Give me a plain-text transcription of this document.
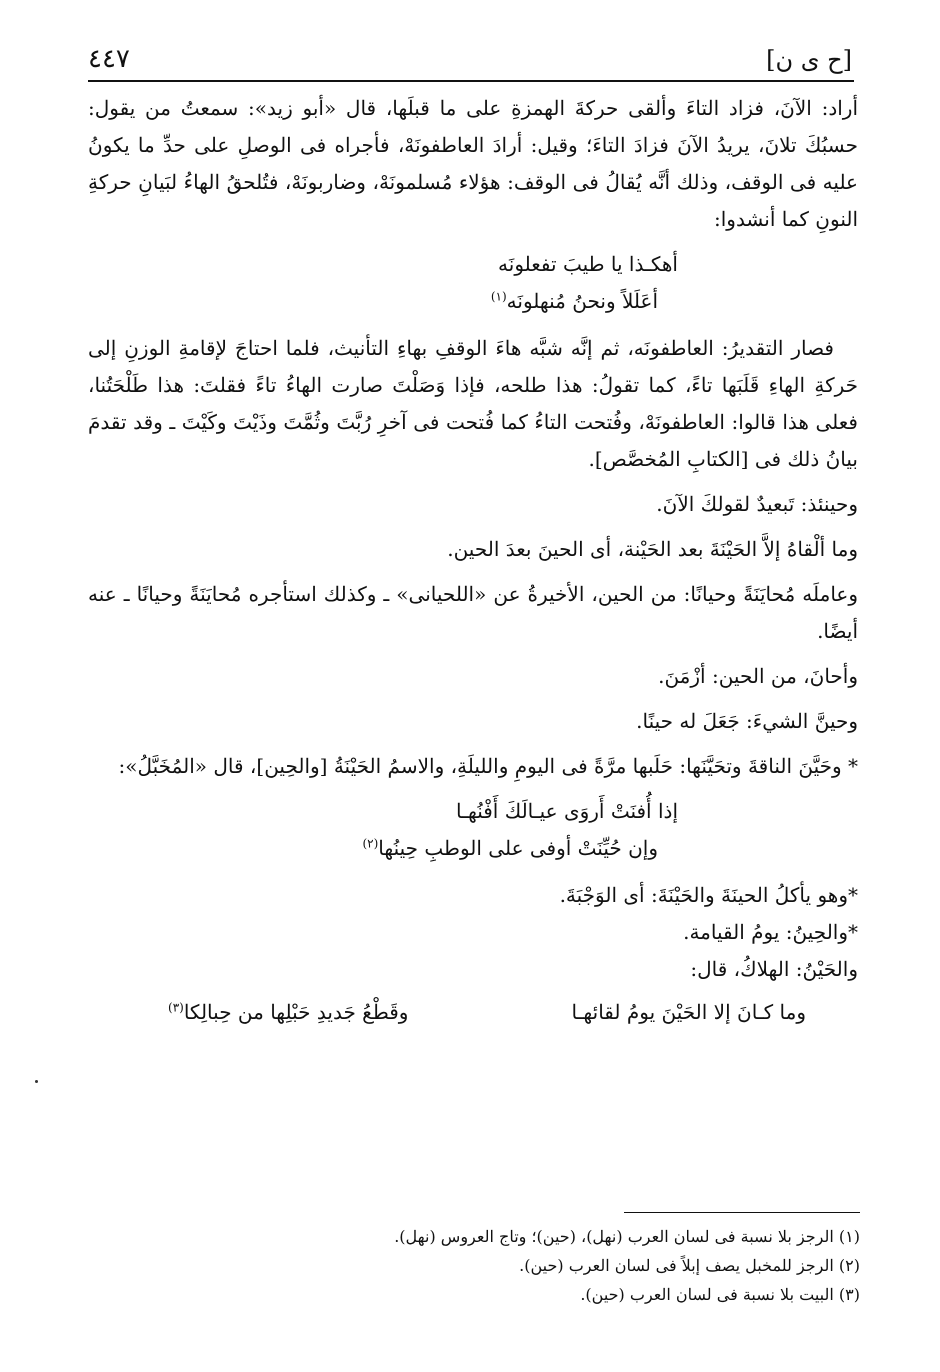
٤٤٧	[ح ى ن]

أراد: الآنَ، فزاد التاءَ وألقى حركةَ الهمزةِ على ما قبلَها، قال «أبو زيد»: سمعتُ من يقول: حسبُكَ تلانَ، يريدُ الآنَ فزادَ التاءَ؛ وقيل: أرادَ العاطفونَهْ، فأجراه فى الوصلِ على حدِّ ما يكونُ عليه فى الوقف، وذلك أنَّه يُقالُ فى الوقف: هؤلاء مُسلمونَهْ، وضاربونَهْ، فتُلحقُ الهاءُ لبَيانِ حركةِ النونِ كما أنشدوا:

أهكـذا يا طيبَ تفعلونَه

أعَلَلاً ونحنُ مُنهلونَه$^{(١)}$

فصار التقديرُ: العاطفونَه، ثم إنَّه شبَّه هاءَ الوقفِ بهاءِ التأنيث، فلما احتاجَ لإقامةِ الوزنِ إلى حَركةِ الهاءِ قَلَبَها تاءً، كما تقولُ: هذا طلحه، فإذا وَصَلْتَ صارت الهاءُ تاءً فقلتَ: هذا طَلْحَتُنا، فعلى هذا قالوا: العاطفونَهْ، وفُتحت التاءُ كما فُتحت فى آخرِ رُبَّتَ وثُمَّتَ وذَيْتَ وكَيْتَ ـ وقد تقدمَ بيانُ ذلك فى [الكتابِ المُخصَّص].

وحينئذ: تَبعيدٌ لقولكَ الآنَ.

وما ألْقاهُ إلاَّ الحَيْنَةَ بعد الحَيْنة، أى الحينَ بعدَ الحين.

وعاملَه مُحايَنَةً وحيانًا: من الحين، الأخيرةُ عن «اللحيانى» ـ وكذلك استأجره مُحايَنَةً وحيانًا ـ عنه أيضًا.

وأحانَ، من الحين: أزْمَنَ.

وحينَّ الشيءَ: جَعَلَ له حينًا.

* وحَيَّنَ الناقةَ وتحَيَّنَها: حَلَبها مرَّةً فى اليومِ والليلَةِ، والاسمُ الحَيْنَةُ [والحِين]، قال «المُخَبَّلُ»:

إذا أُفنَتْ أَروَى عيـالَكَ أَفْنُهـا

وإن حُيِّنَتْ أوفى على الوطبِ حِينُها$^{(٢)}$

*وهو يأكلُ الحينَةَ والحَيْنَةَ: أى الوَجْبَةَ.

*والحِينُ: يومُ القيامة.

والحَيْنُ: الهلاكُ، قال:

وما كـانَ إلا الحَيْنَ يومُ لقائهـا
وقَطْعُ جَديدِ حَبْلِها من حِبالِكا$^{(٣)}$

(١) الرجز بلا نسبة فى لسان العرب (نهل)، (حين)؛ وتاج العروس (نهل).

(٢) الرجز للمخبل يصف إبلاً فى لسان العرب (حين).

(٣) البيت بلا نسبة فى لسان العرب (حين).
